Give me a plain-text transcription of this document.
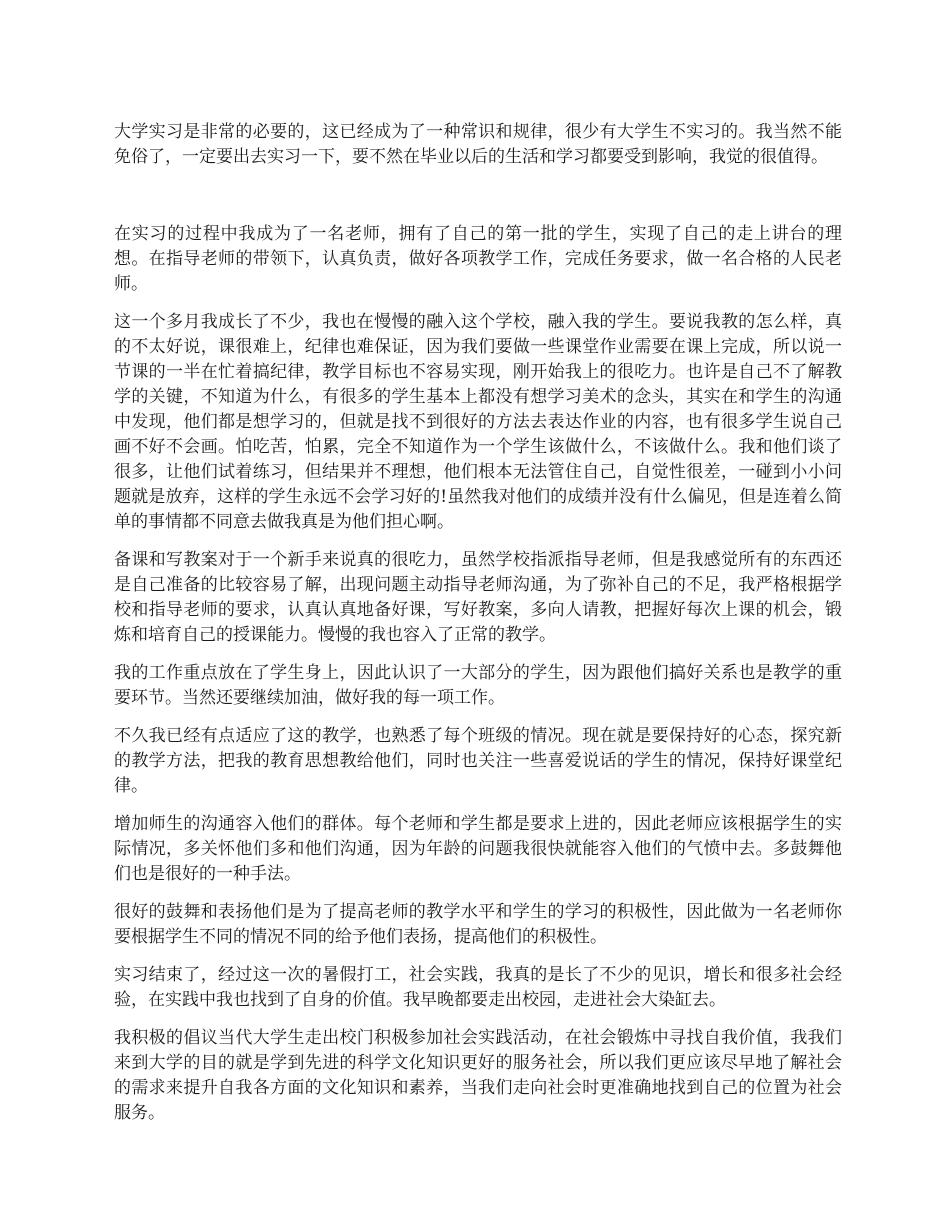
大学实习是非常的必要的，这已经成为了一种常识和规律，很少有大学生不实习的。我当然不能免俗了，一定要出去实习一下，要不然在毕业以后的生活和学习都要受到影响，我觉的很值得。

在实习的过程中我成为了一名老师，拥有了自己的第一批的学生，实现了自己的走上讲台的理想。在指导老师的带领下，认真负责，做好各项教学工作，完成任务要求，做一名合格的人民老师。

这一个多月我成长了不少，我也在慢慢的融入这个学校，融入我的学生。要说我教的怎么样，真的不太好说，课很难上，纪律也难保证，因为我们要做一些课堂作业需要在课上完成，所以说一节课的一半在忙着搞纪律，教学目标也不容易实现，刚开始我上的很吃力。也许是自己不了解教学的关键，不知道为什么，有很多的学生基本上都没有想学习美术的念头，其实在和学生的沟通中发现，他们都是想学习的，但就是找不到很好的方法去表达作业的内容，也有很多学生说自己画不好不会画。怕吃苦，怕累，完全不知道作为一个学生该做什么，不该做什么。我和他们谈了很多，让他们试着练习，但结果并不理想，他们根本无法管住自己，自觉性很差，一碰到小小问题就是放弃，这样的学生永远不会学习好的!虽然我对他们的成绩并没有什么偏见，但是连着么简单的事情都不同意去做我真是为他们担心啊。

备课和写教案对于一个新手来说真的很吃力，虽然学校指派指导老师，但是我感觉所有的东西还是自己准备的比较容易了解，出现问题主动指导老师沟通，为了弥补自己的不足，我严格根据学校和指导老师的要求，认真认真地备好课，写好教案，多向人请教，把握好每次上课的机会，锻炼和培育自己的授课能力。慢慢的我也容入了正常的教学。

我的工作重点放在了学生身上，因此认识了一大部分的学生，因为跟他们搞好关系也是教学的重要环节。当然还要继续加油，做好我的每一项工作。

不久我已经有点适应了这的教学，也熟悉了每个班级的情况。现在就是要保持好的心态，探究新的教学方法，把我的教育思想教给他们，同时也关注一些喜爱说话的学生的情况，保持好课堂纪律。

增加师生的沟通容入他们的群体。每个老师和学生都是要求上进的，因此老师应该根据学生的实际情况，多关怀他们多和他们沟通，因为年龄的问题我很快就能容入他们的气愤中去。多鼓舞他们也是很好的一种手法。

很好的鼓舞和表扬他们是为了提高老师的教学水平和学生的学习的积极性，因此做为一名老师你要根据学生不同的情况不同的给予他们表扬，提高他们的积极性。

实习结束了，经过这一次的暑假打工，社会实践，我真的是长了不少的见识，增长和很多社会经验，在实践中我也找到了自身的价值。我早晚都要走出校园，走进社会大染缸去。

我积极的倡议当代大学生走出校门积极参加社会实践活动，在社会锻炼中寻找自我价值，我我们来到大学的目的就是学到先进的科学文化知识更好的服务社会，所以我们更应该尽早地了解社会的需求来提升自我各方面的文化知识和素养，当我们走向社会时更准确地找到自己的位置为社会服务。
